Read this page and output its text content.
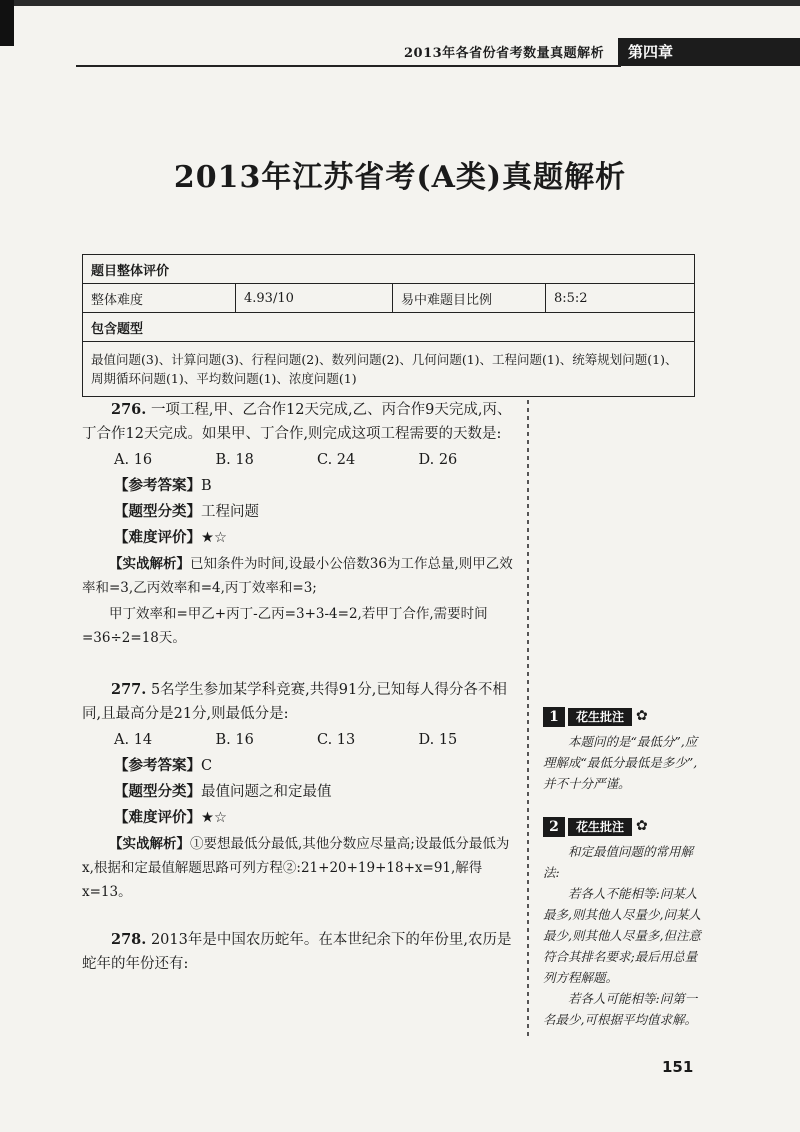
2013年各省份省考数量真题解析	第四章
2013年江苏省考(A类)真题解析
题目整体评价
整体难度	4.93/10	易中难题目比例	8:5:2
包含题型
最值问题(3)、计算问题(3)、行程问题(2)、数列问题(2)、几何问题(1)、工程问题(1)、统筹规划问题(1)、周期循环问题(1)、平均数问题(1)、浓度问题(1)

276. 一项工程,甲、乙合作12天完成,乙、丙合作9天完成,丙、丁合作12天完成。如果甲、丁合作,则完成这项工程需要的天数是:

A. 16	B. 18	C. 24	D. 26
【参考答案】B
【题型分类】工程问题
【难度评价】★☆

【实战解析】已知条件为时间,设最小公倍数36为工作总量,则甲乙效率和=3,乙丙效率和=4,丙丁效率和=3;

甲丁效率和=甲乙+丙丁-乙丙=3+3-4=2,若甲丁合作,需要时间=36÷2=18天。

277. 5名学生参加某学科竞赛,共得91分,已知每人得分各不相同,且最高分是21分,则最低分是:

A. 14	B. 16	C. 13	D. 15
【参考答案】C
【题型分类】最值问题之和定最值
【难度评价】★☆

【实战解析】①要想最低分最低,其他分数应尽量高;设最低分最低为x,根据和定最值解题思路可列方程②:21+20+19+18+x=91,解得x=13。

278. 2013年是中国农历蛇年。在本世纪余下的年份里,农历是蛇年的年份还有:

1	花生批注 ✿

本题问的是“最低分”,应理解成“最低分最低是多少”,并不十分严谨。

2	花生批注 ✿

和定最值问题的常用解法:

若各人不能相等:问某人最多,则其他人尽量少,问某人最少,则其他人尽量多,但注意符合其排名要求;最后用总量列方程解题。

若各人可能相等:问第一名最少,可根据平均值求解。

151
